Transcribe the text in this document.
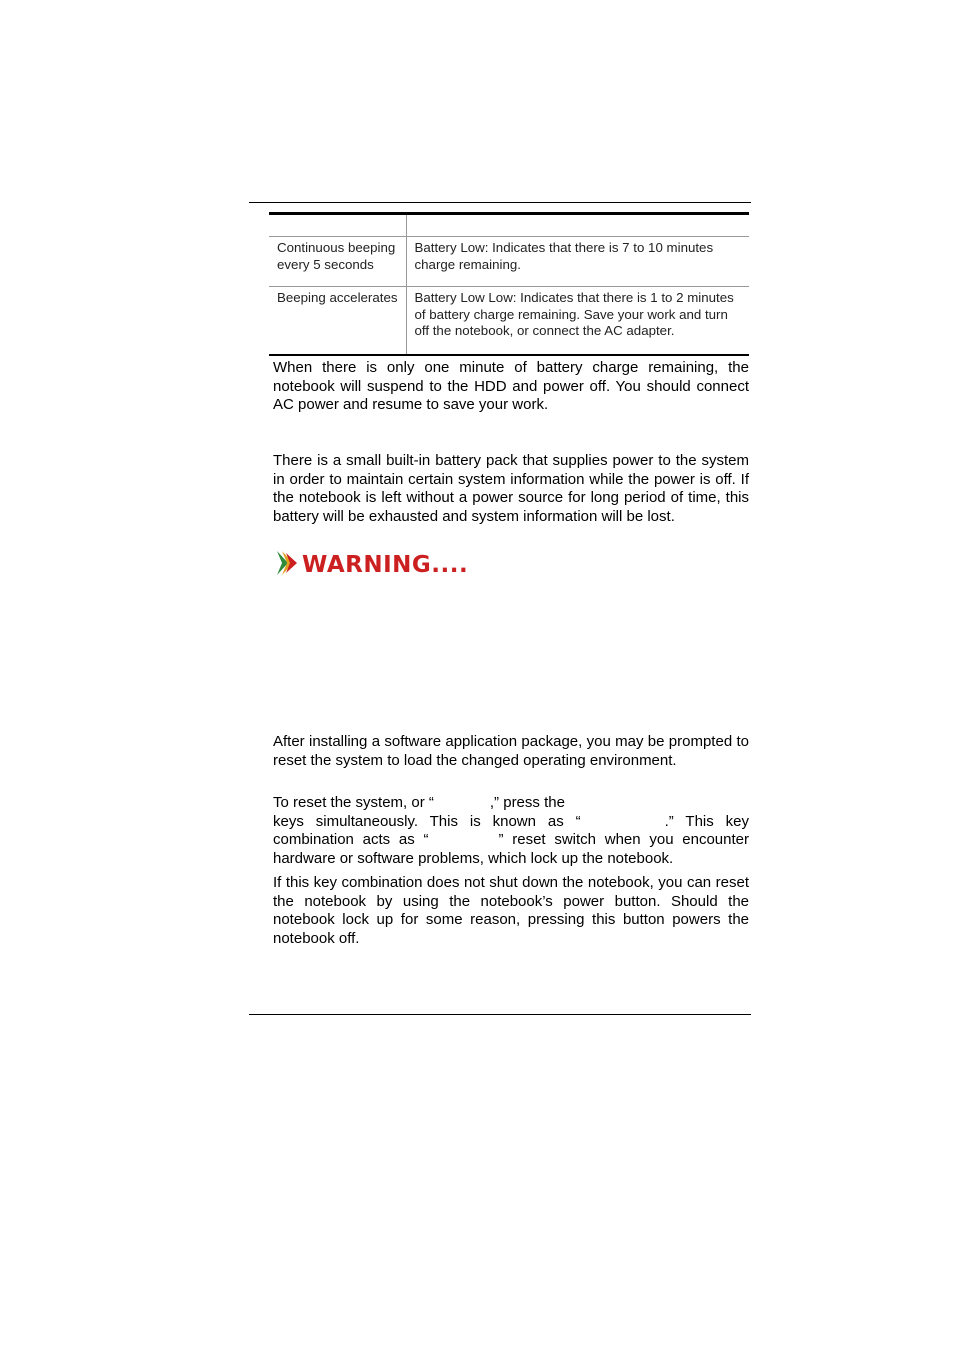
Continuous beeping every 5 seconds	Battery Low: Indicates that there is 7 to 10 minutes charge remaining.
Beeping accelerates	Battery Low Low: Indicates that there is 1 to 2 minutes of battery charge remaining. Save your work and turn off the notebook, or connect the AC adapter.

When there is only one minute of battery charge remaining, the notebook will suspend to the HDD and power off. You should connect AC power and resume to save your work.

There is a small built-in battery pack that supplies power to the system in order to maintain certain system information while the power is off. If the notebook is left without a power source for long period of time, this battery will be exhausted and system information will be lost.

WARNING....

After installing a software application package, you may be prompted to reset the system to load the changed operating environment.

To reset the system, or “	,” press the
keys simultaneously. This is known as “	.” This key combination acts as “	” reset switch when you encounter hardware or software problems, which lock up the notebook.

If this key combination does not shut down the notebook, you can reset the notebook by using the notebook’s power button. Should the notebook lock up for some reason, pressing this button powers the notebook off.
